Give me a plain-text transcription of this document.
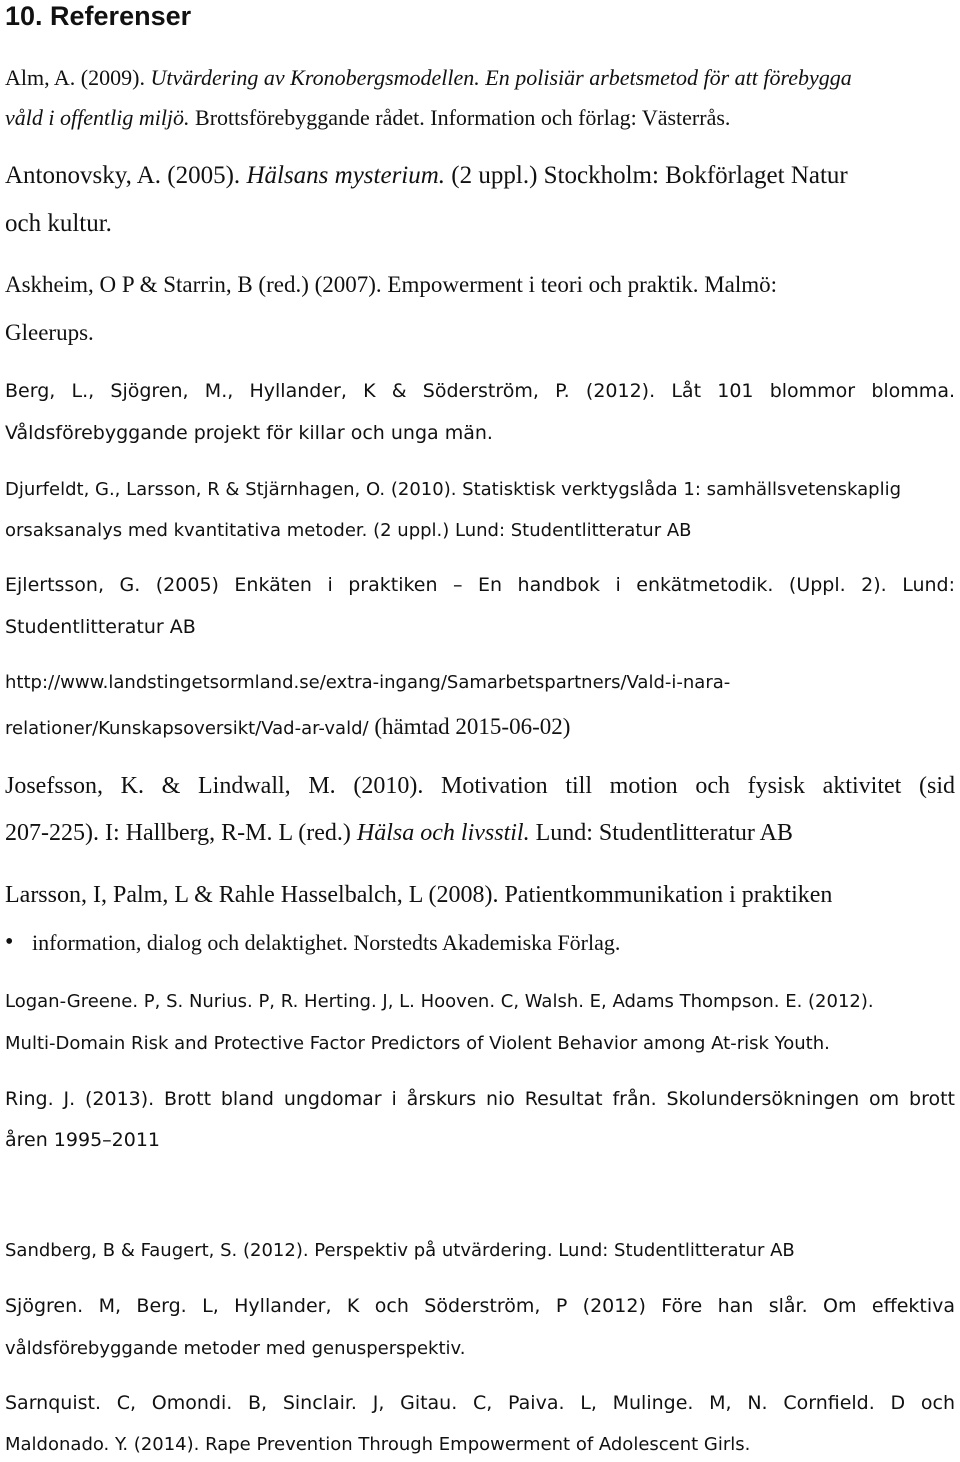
10. Referenser

Alm, A. (2009). Utvärdering av Kronobergsmodellen. En polisiär arbetsmetod för att förebygga

våld i offentlig miljö. Brottsförebyggande rådet. Information och förlag: Västerrås.

Antonovsky, A. (2005). Hälsans mysterium. (2 uppl.) Stockholm: Bokförlaget Natur

och kultur.

Askheim, O P & Starrin, B (red.) (2007). Empowerment i teori och praktik. Malmö:

Gleerups.

Berg, L., Sjögren, M., Hyllander, K & Söderström, P. (2012). Låt 101 blommor blomma.

Våldsförebyggande projekt för killar och unga män.

Djurfeldt, G., Larsson, R & Stjärnhagen, O. (2010). Statisktisk verktygslåda 1: samhällsvetenskaplig

orsaksanalys med kvantitativa metoder. (2 uppl.) Lund: Studentlitteratur AB

Ejlertsson, G. (2005) Enkäten i praktiken – En handbok i enkätmetodik. (Uppl. 2). Lund:

Studentlitteratur AB

http://www.landstingetsormland.se/extra-ingang/Samarbetspartners/Vald-i-nara-

relationer/Kunskapsoversikt/Vad-ar-vald/ (hämtad 2015-06-02)

Josefsson, K. & Lindwall, M. (2010). Motivation till motion och fysisk aktivitet (sid

207-225). I: Hallberg, R-M. L (red.) Hälsa och livsstil. Lund: Studentlitteratur AB

Larsson, I, Palm, L & Rahle Hasselbalch, L (2008). Patientkommunikation i praktiken

• information, dialog och delaktighet. Norstedts Akademiska Förlag.

Logan-Greene. P, S. Nurius. P, R. Herting. J, L. Hooven. C, Walsh. E, Adams Thompson. E. (2012).

Multi-Domain Risk and Protective Factor Predictors of Violent Behavior among At-risk Youth.

Ring. J. (2013). Brott bland ungdomar i årskurs nio Resultat från. Skolundersökningen om brott

åren 1995–2011

Sandberg, B & Faugert, S. (2012). Perspektiv på utvärdering. Lund: Studentlitteratur AB

Sjögren. M, Berg. L, Hyllander, K och Söderström, P (2012) Före han slår. Om effektiva

våldsförebyggande metoder med genusperspektiv.

Sarnquist. C, Omondi. B, Sinclair. J, Gitau. C, Paiva. L, Mulinge. M, N. Cornfield. D och

Maldonado. Y. (2014). Rape Prevention Through Empowerment of Adolescent Girls.
